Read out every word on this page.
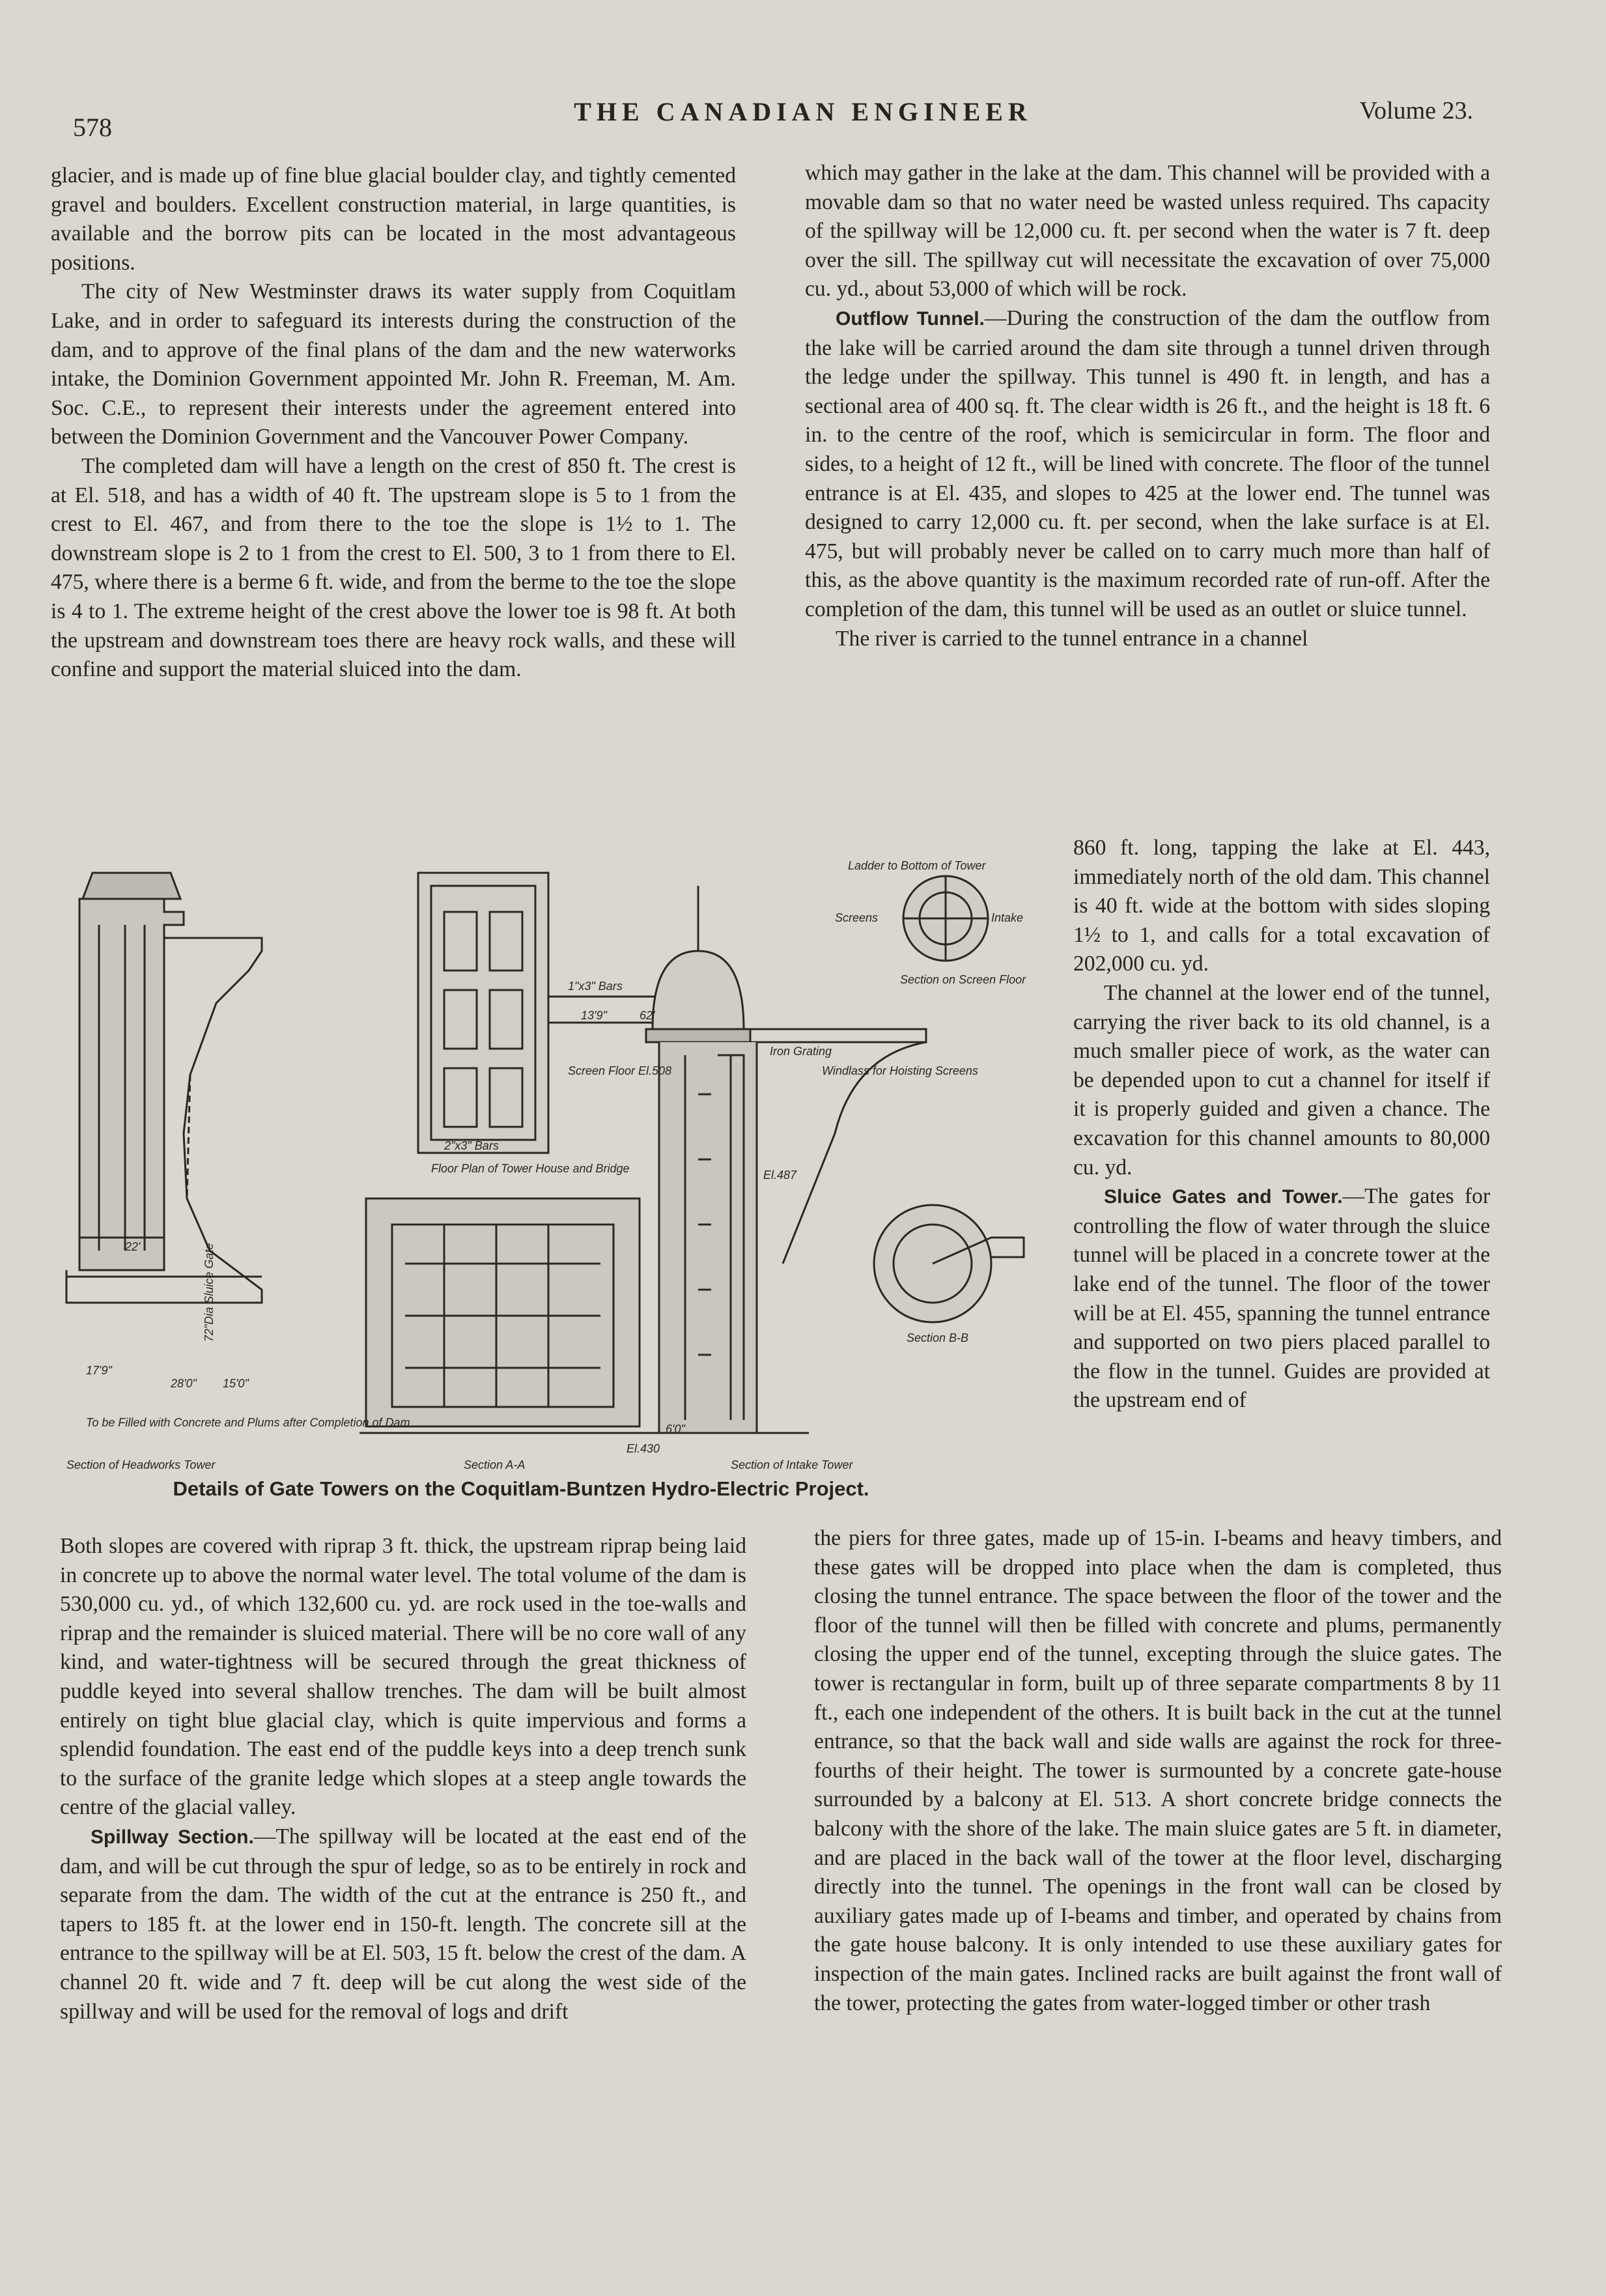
578
THE CANADIAN ENGINEER	Volume 23.

glacier, and is made up of fine blue glacial boulder clay, and tightly cemented gravel and boulders. Excellent construction material, in large quantities, is available and the borrow pits can be located in the most advantageous positions.

The city of New Westminster draws its water supply from Coquitlam Lake, and in order to safeguard its interests during the construction of the dam, and to approve of the final plans of the dam and the new waterworks intake, the Dominion Government appointed Mr. John R. Freeman, M. Am. Soc. C.E., to represent their interests under the agreement entered into between the Dominion Government and the Vancouver Power Company.

The completed dam will have a length on the crest of 850 ft. The crest is at El. 518, and has a width of 40 ft. The upstream slope is 5 to 1 from the crest to El. 467, and from there to the toe the slope is 1½ to 1. The downstream slope is 2 to 1 from the crest to El. 500, 3 to 1 from there to El. 475, where there is a berme 6 ft. wide, and from the berme to the toe the slope is 4 to 1. The extreme height of the crest above the lower toe is 98 ft. At both the upstream and downstream toes there are heavy rock walls, and these will confine and support the material sluiced into the dam.

which may gather in the lake at the dam. This channel will be provided with a movable dam so that no water need be wasted unless required. Ths capacity of the spillway will be 12,000 cu. ft. per second when the water is 7 ft. deep over the sill. The spillway cut will necessitate the excavation of over 75,000 cu. yd., about 53,000 of which will be rock.

Outflow Tunnel.—During the construction of the dam the outflow from the lake will be carried around the dam site through a tunnel driven through the ledge under the spillway. This tunnel is 490 ft. in length, and has a sectional area of 400 sq. ft. The clear width is 26 ft., and the height is 18 ft. 6 in. to the centre of the roof, which is semicircular in form. The floor and sides, to a height of 12 ft., will be lined with concrete. The floor of the tunnel entrance is at El. 435, and slopes to 425 at the lower end. The tunnel was designed to carry 12,000 cu. ft. per second, when the lake surface is at El. 475, but will probably never be called on to carry much more than half of this, as the above quantity is the maximum recorded rate of run-off. After the completion of the dam, this tunnel will be used as an outlet or sluice tunnel.

The river is carried to the tunnel entrance in a channel

860 ft. long, tapping the lake at El. 443, immediately north of the old dam. This channel is 40 ft. wide at the bottom with sides sloping 1½ to 1, and calls for a total excavation of 202,000 cu. yd.

The channel at the lower end of the tunnel, carrying the river back to its old channel, is a much smaller piece of work, as the water can be depended upon to cut a channel for itself if it is properly guided and given a chance. The excavation for this channel amounts to 80,000 cu. yd.

Sluice Gates and Tower.—The gates for controlling the flow of water through the sluice tunnel will be placed in a concrete tower at the lake end of the tunnel. The floor of the tower will be at El. 455, spanning the tunnel entrance and supported on two piers placed parallel to the flow in the tunnel. Guides are provided at the upstream end of

Section of Headworks Tower
Floor Plan of Tower House and Bridge
Section A-A	Section of Intake Tower
Section on Screen Floor
Section B-B
Ladder to Bottom of Tower
Screens	Intake
Screen Floor El.508
Iron Grating
Windlass for Hoisting Screens
To be Filled with Concrete and Plums after Completion of Dam
El.430
El.487
1"x3" Bars
2"x3" Bars
15'0"
28'0"
17'9"
22'
62'
13'9"
6'0"
72"Dia Sluice Gate
Details of Gate Towers on the Coquitlam-Buntzen Hydro-Electric Project.

Both slopes are covered with riprap 3 ft. thick, the upstream riprap being laid in concrete up to above the normal water level. The total volume of the dam is 530,000 cu. yd., of which 132,600 cu. yd. are rock used in the toe-walls and riprap and the remainder is sluiced material. There will be no core wall of any kind, and water-tightness will be secured through the great thickness of puddle keyed into several shallow trenches. The dam will be built almost entirely on tight blue glacial clay, which is quite impervious and forms a splendid foundation. The east end of the puddle keys into a deep trench sunk to the surface of the granite ledge which slopes at a steep angle towards the centre of the glacial valley.

Spillway Section.—The spillway will be located at the east end of the dam, and will be cut through the spur of ledge, so as to be entirely in rock and separate from the dam. The width of the cut at the entrance is 250 ft., and tapers to 185 ft. at the lower end in 150-ft. length. The concrete sill at the entrance to the spillway will be at El. 503, 15 ft. below the crest of the dam. A channel 20 ft. wide and 7 ft. deep will be cut along the west side of the spillway and will be used for the removal of logs and drift

the piers for three gates, made up of 15-in. I-beams and heavy timbers, and these gates will be dropped into place when the dam is completed, thus closing the tunnel entrance. The space between the floor of the tower and the floor of the tunnel will then be filled with concrete and plums, permanently closing the upper end of the tunnel, excepting through the sluice gates. The tower is rectangular in form, built up of three separate compartments 8 by 11 ft., each one independent of the others. It is built back in the cut at the tunnel entrance, so that the back wall and side walls are against the rock for three-fourths of their height. The tower is surmounted by a concrete gate-house surrounded by a balcony at El. 513. A short concrete bridge connects the balcony with the shore of the lake. The main sluice gates are 5 ft. in diameter, and are placed in the back wall of the tower at the floor level, discharging directly into the tunnel. The openings in the front wall can be closed by auxiliary gates made up of I-beams and timber, and operated by chains from the gate house balcony. It is only intended to use these auxiliary gates for inspection of the main gates. Inclined racks are built against the front wall of the tower, protecting the gates from water-logged timber or other trash
